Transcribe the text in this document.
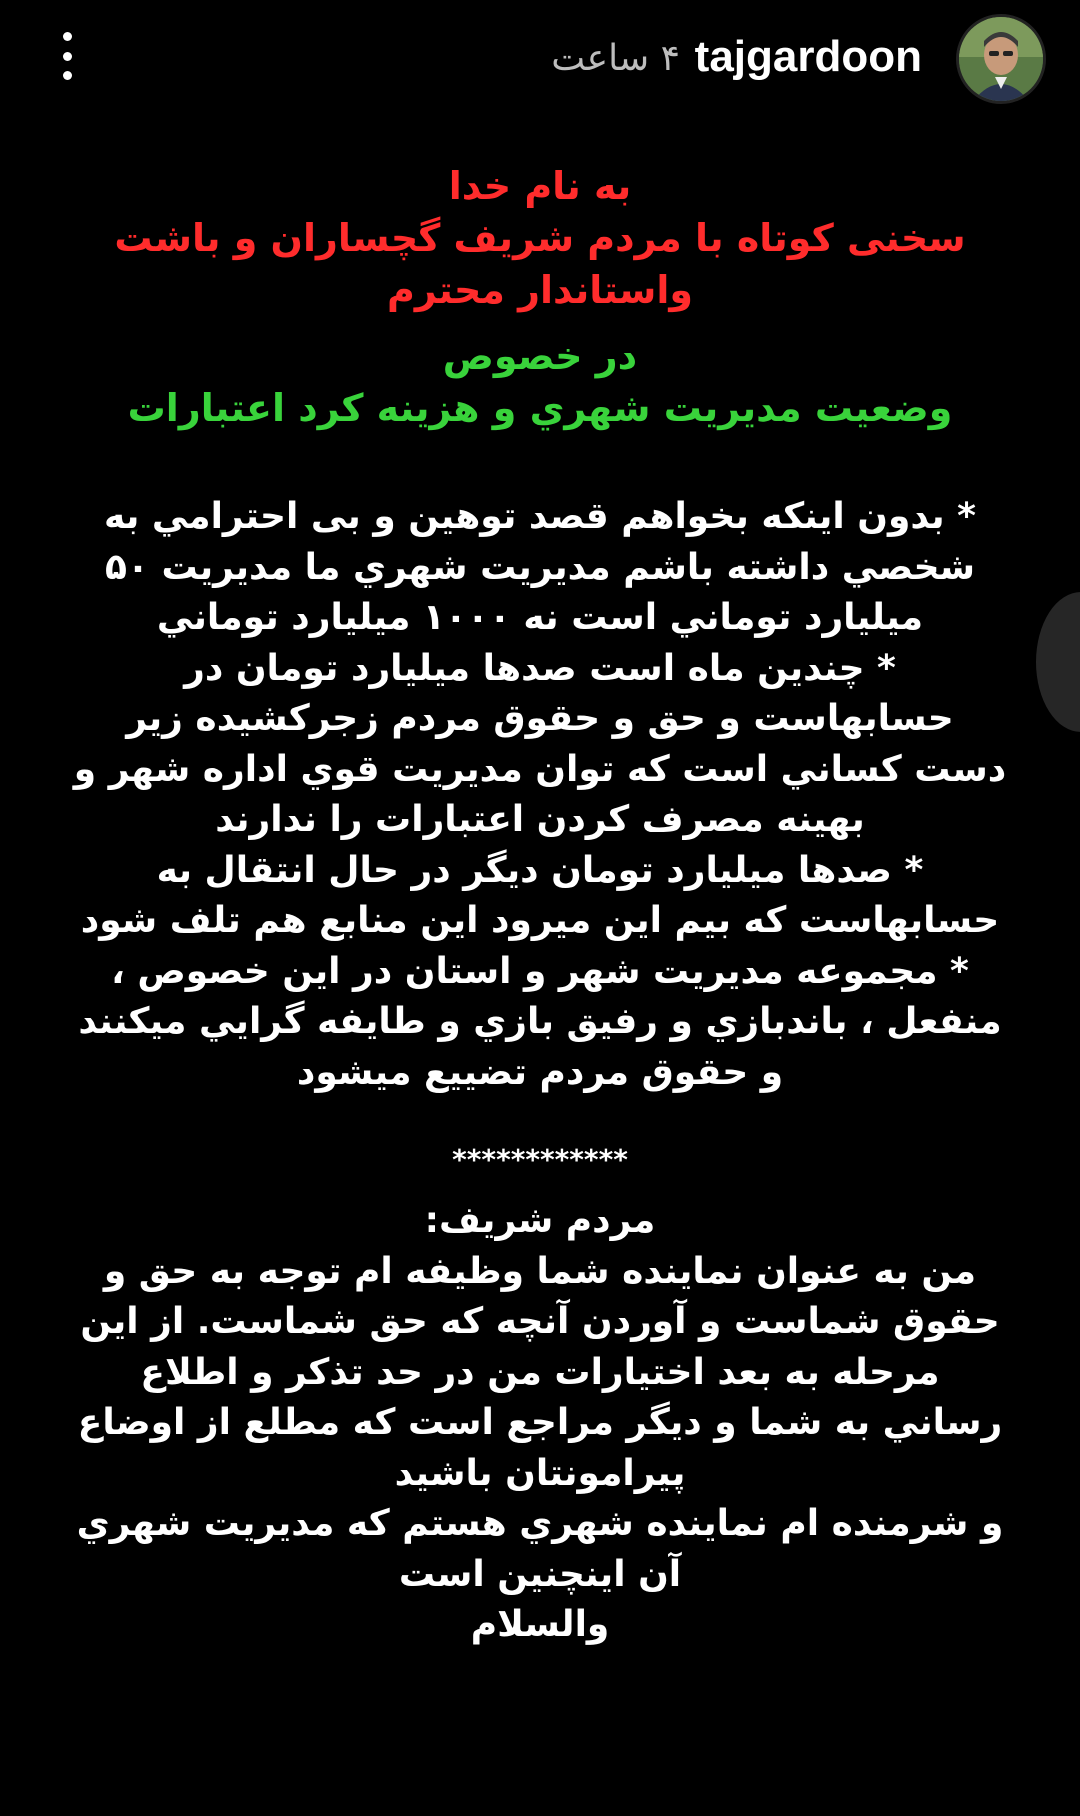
۴ ساعت tajgardoon
به نام خدا
سخنی کوتاه با مردم شریف گچساران و باشت
واستاندار محترم
در خصوص
وضعیت مدیریت شهري و هزینه کرد اعتبارات
* بدون اینکه بخواهم قصد توهین و بی احترامي به
شخصي داشته باشم مدیریت شهري ما مدیریت ۵۰
میلیارد توماني است نه ۱۰۰۰ میلیارد توماني
* چندین ماه است صدها میلیارد تومان در
حسابهاست و حق و حقوق مردم زجرکشیده زیر
دست کساني است که توان مدیریت قوي اداره شهر و
بهینه مصرف کردن اعتبارات را ندارند
* صدها میلیارد تومان دیگر در حال انتقال به
حسابهاست که بیم این میرود این منابع هم تلف شود
* مجموعه مدیریت شهر و استان در این خصوص ،
منفعل ، باندبازي و رفیق بازي و طایفه گرایي میکنند
و حقوق مردم تضییع میشود
************
مردم شریف:
من به عنوان نماینده شما وظیفه ام توجه به حق و
حقوق شماست و آوردن آنچه که حق شماست. از این
مرحله به بعد اختیارات من در حد تذکر و اطلاع
رساني به شما و دیگر مراجع است که مطلع از اوضاع
پیرامونتان باشید
و شرمنده ام نماینده شهري هستم که مدیریت شهري
آن اینچنین است
والسلام
